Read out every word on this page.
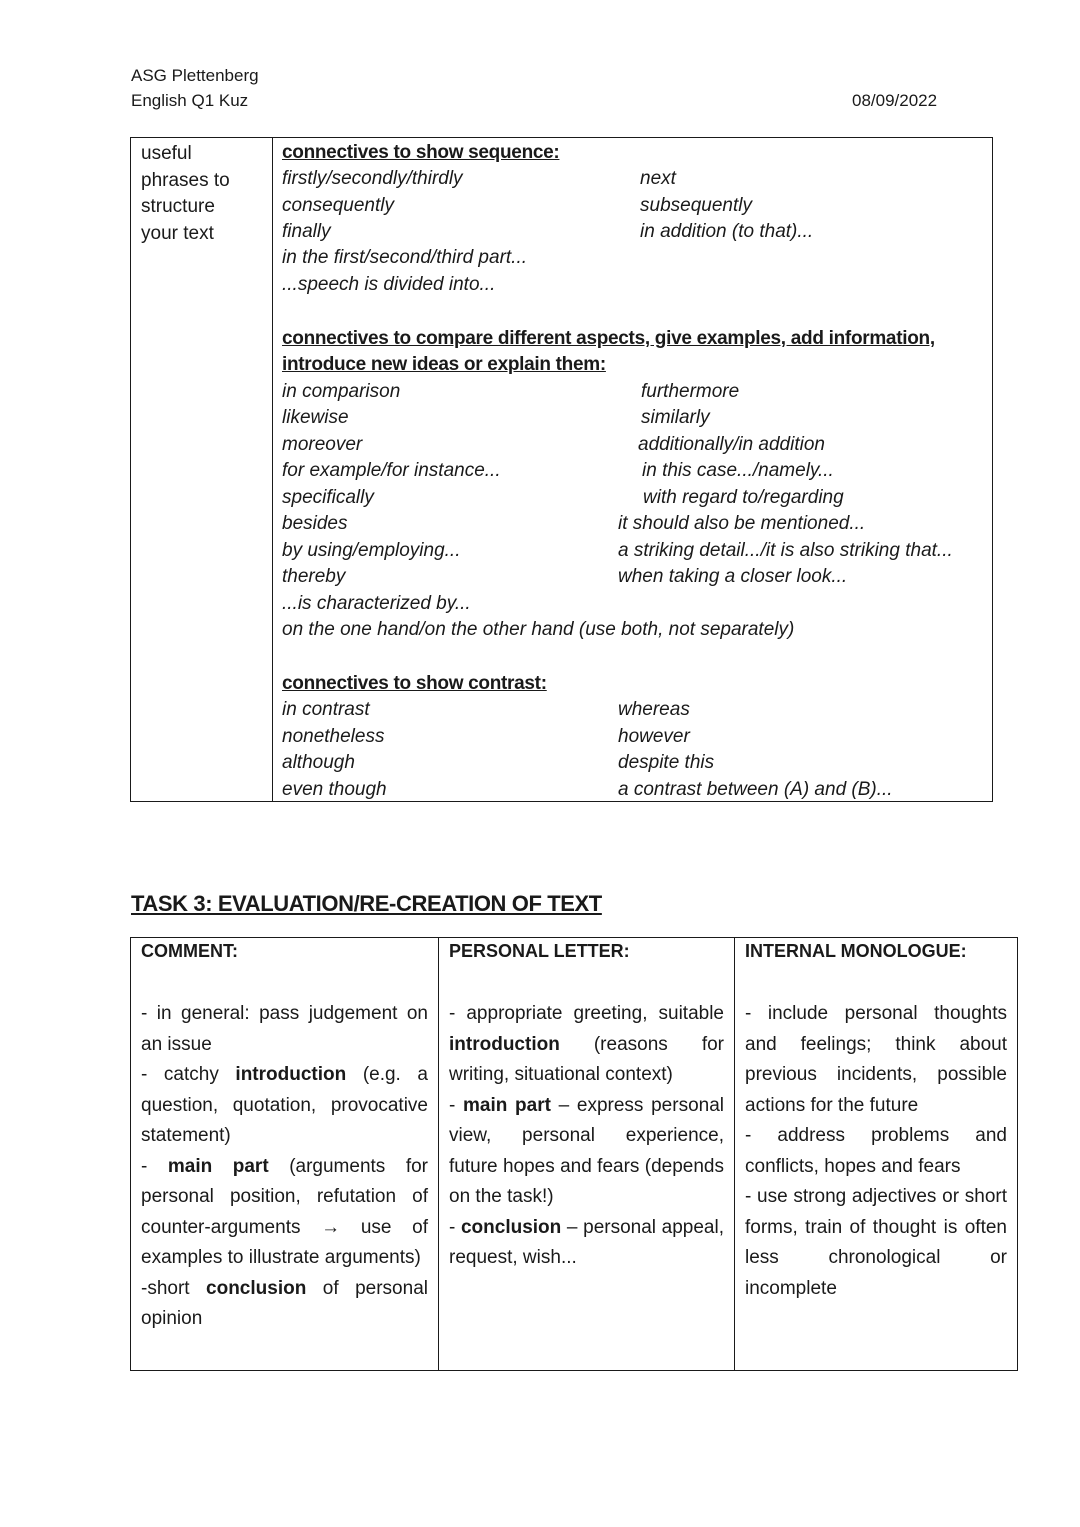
ASG Plettenberg
English Q1 Kuz	08/09/2022
useful
phrases to
structure
your text
connectives to show sequence:
firstly/secondly/thirdly
consequently
finally
in the first/second/third part...
...speech is divided into...
next
subsequently
in addition (to that)...
connectives to compare different aspects, give examples, add information,
introduce new ideas or explain them:
in comparison
likewise
moreover
for example/for instance...
specifically
besides
by using/employing...
thereby
...is characterized by...
on the one hand/on the other hand (use both, not separately)
furthermore
similarly
additionally/in addition
in this case.../namely...
with regard to/regarding
it should also be mentioned...
a striking detail.../it is also striking that...
when taking a closer look...
connectives to show contrast:
in contrast
nonetheless
although
even though
whereas
however
despite this
a contrast between (A) and (B)...
TASK 3: EVALUATION/RE-CREATION OF TEXT
COMMENT:

- in general: pass judgement on an issue

- catchy introduction (e.g. a question, quotation, provocative statement)

- main part (arguments for personal position, refutation of counter-arguments → use of examples to illustrate arguments)

-short conclusion of personal opinion

PERSONAL LETTER:

- appropriate greeting, suitable introduction (reasons for writing, situational context)

- main part – express personal view, personal experience, future hopes and fears (depends on the task!)

- conclusion – personal appeal, request, wish...

INTERNAL MONOLOGUE:

- include personal thoughts and feelings; think about previous incidents, possible actions for the future

- address problems and conflicts, hopes and fears

- use strong adjectives or short forms, train of thought is often less chronological or incomplete
